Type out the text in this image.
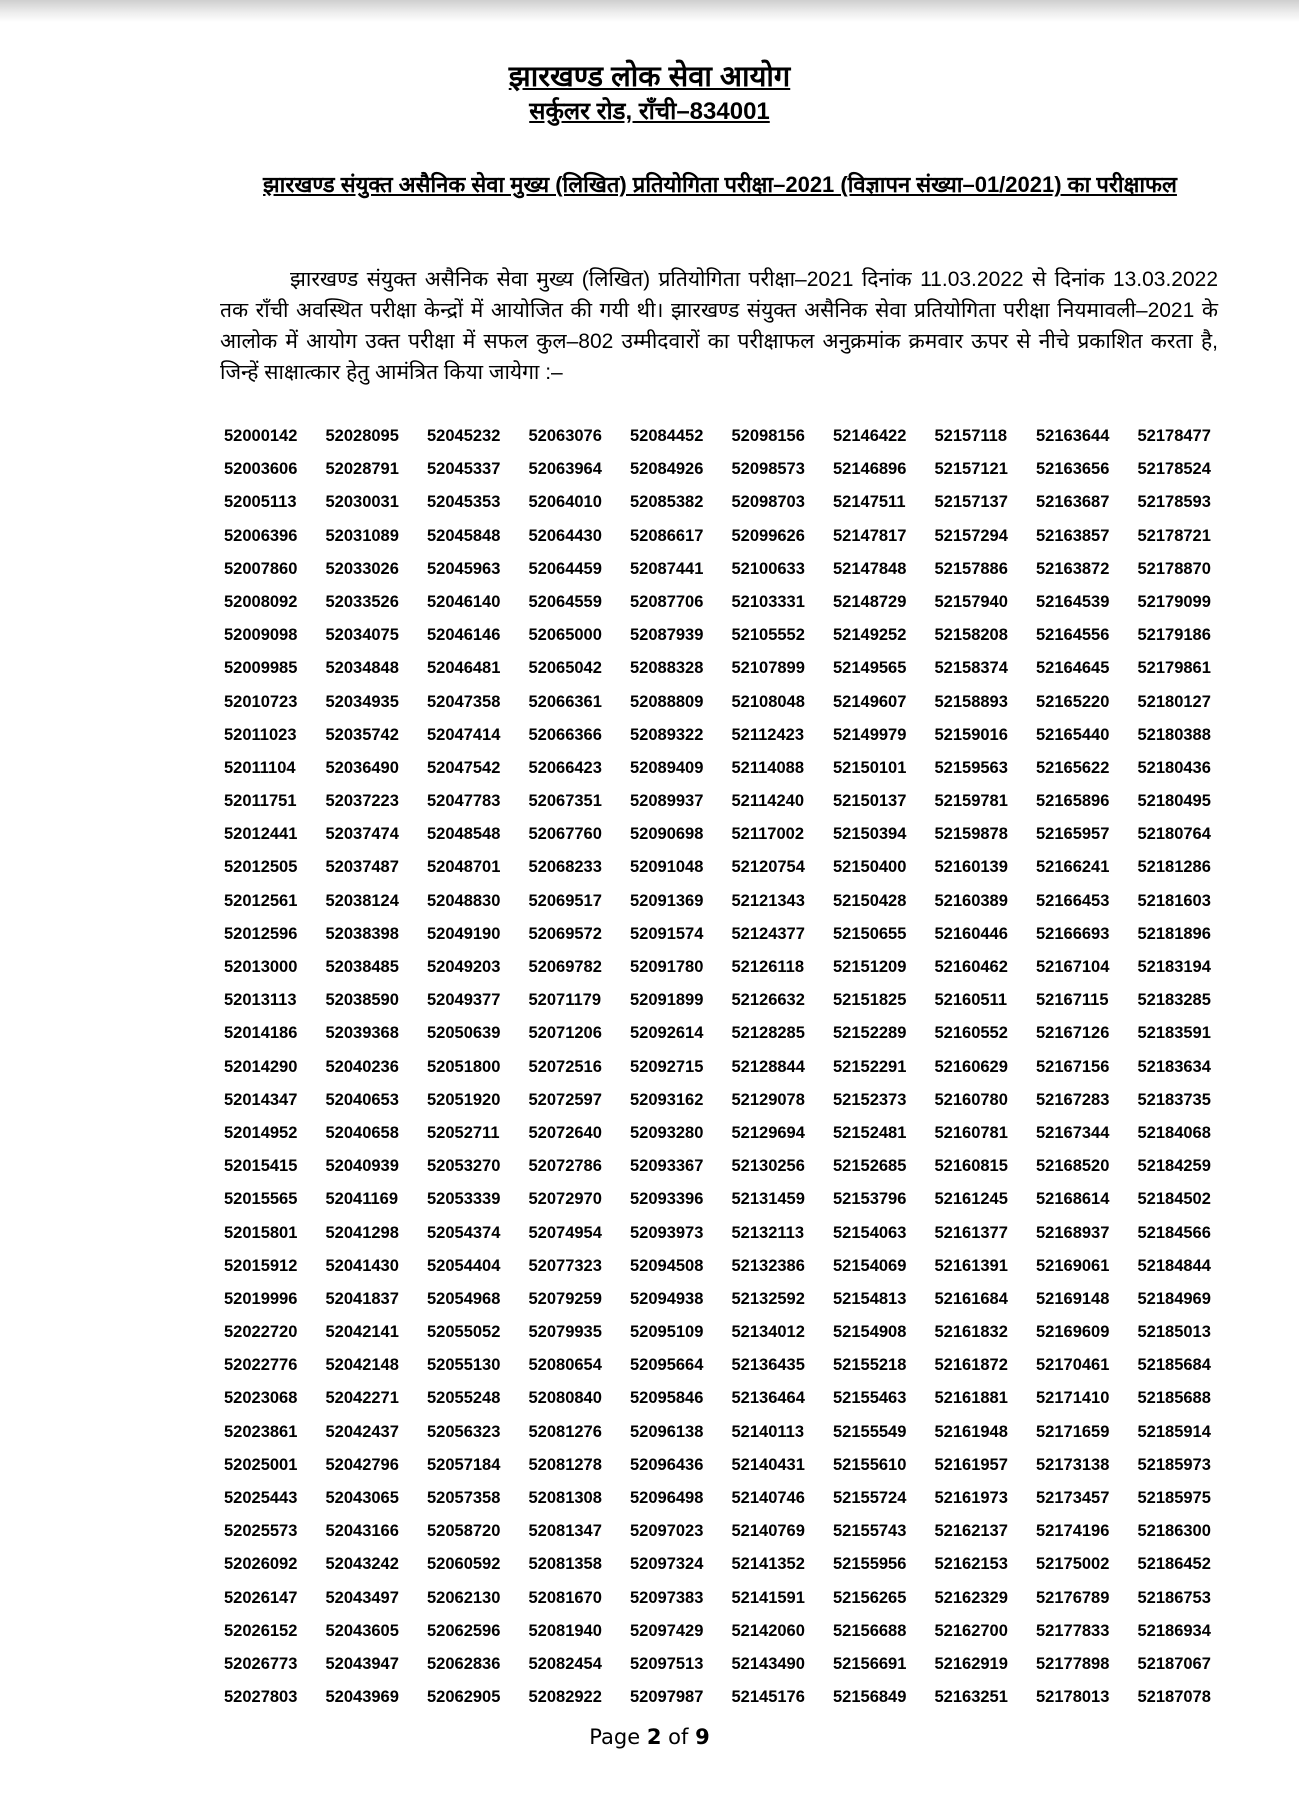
झारखण्ड लोक सेवा आयोग
सर्कुलर रोड, राँची–834001
झारखण्ड संयुक्त असैनिक सेवा मुख्य (लिखित) प्रतियोगिता परीक्षा–2021 (विज्ञापन संख्या–01/2021) का परीक्षाफल
झारखण्ड संयुक्त असैनिक सेवा मुख्य (लिखित) प्रतियोगिता परीक्षा–2021 दिनांक 11.03.2022 से दिनांक 13.03.2022 तक राँची अवस्थित परीक्षा केन्द्रों में आयोजित की गयी थी। झारखण्ड संयुक्त असैनिक सेवा प्रतियोगिता परीक्षा नियमावली–2021 के आलोक में आयोग उक्त परीक्षा में सफल कुल–802 उम्मीदवारों का परीक्षाफल अनुक्रमांक क्रमवार ऊपर से नीचे प्रकाशित करता है, जिन्हें साक्षात्कार हेतु आमंत्रित किया जायेगा :–
52000142	52028095	52045232	52063076	52084452	52098156	52146422	52157118	52163644	52178477
52003606	52028791	52045337	52063964	52084926	52098573	52146896	52157121	52163656	52178524
52005113	52030031	52045353	52064010	52085382	52098703	52147511	52157137	52163687	52178593
52006396	52031089	52045848	52064430	52086617	52099626	52147817	52157294	52163857	52178721
52007860	52033026	52045963	52064459	52087441	52100633	52147848	52157886	52163872	52178870
52008092	52033526	52046140	52064559	52087706	52103331	52148729	52157940	52164539	52179099
52009098	52034075	52046146	52065000	52087939	52105552	52149252	52158208	52164556	52179186
52009985	52034848	52046481	52065042	52088328	52107899	52149565	52158374	52164645	52179861
52010723	52034935	52047358	52066361	52088809	52108048	52149607	52158893	52165220	52180127
52011023	52035742	52047414	52066366	52089322	52112423	52149979	52159016	52165440	52180388
52011104	52036490	52047542	52066423	52089409	52114088	52150101	52159563	52165622	52180436
52011751	52037223	52047783	52067351	52089937	52114240	52150137	52159781	52165896	52180495
52012441	52037474	52048548	52067760	52090698	52117002	52150394	52159878	52165957	52180764
52012505	52037487	52048701	52068233	52091048	52120754	52150400	52160139	52166241	52181286
52012561	52038124	52048830	52069517	52091369	52121343	52150428	52160389	52166453	52181603
52012596	52038398	52049190	52069572	52091574	52124377	52150655	52160446	52166693	52181896
52013000	52038485	52049203	52069782	52091780	52126118	52151209	52160462	52167104	52183194
52013113	52038590	52049377	52071179	52091899	52126632	52151825	52160511	52167115	52183285
52014186	52039368	52050639	52071206	52092614	52128285	52152289	52160552	52167126	52183591
52014290	52040236	52051800	52072516	52092715	52128844	52152291	52160629	52167156	52183634
52014347	52040653	52051920	52072597	52093162	52129078	52152373	52160780	52167283	52183735
52014952	52040658	52052711	52072640	52093280	52129694	52152481	52160781	52167344	52184068
52015415	52040939	52053270	52072786	52093367	52130256	52152685	52160815	52168520	52184259
52015565	52041169	52053339	52072970	52093396	52131459	52153796	52161245	52168614	52184502
52015801	52041298	52054374	52074954	52093973	52132113	52154063	52161377	52168937	52184566
52015912	52041430	52054404	52077323	52094508	52132386	52154069	52161391	52169061	52184844
52019996	52041837	52054968	52079259	52094938	52132592	52154813	52161684	52169148	52184969
52022720	52042141	52055052	52079935	52095109	52134012	52154908	52161832	52169609	52185013
52022776	52042148	52055130	52080654	52095664	52136435	52155218	52161872	52170461	52185684
52023068	52042271	52055248	52080840	52095846	52136464	52155463	52161881	52171410	52185688
52023861	52042437	52056323	52081276	52096138	52140113	52155549	52161948	52171659	52185914
52025001	52042796	52057184	52081278	52096436	52140431	52155610	52161957	52173138	52185973
52025443	52043065	52057358	52081308	52096498	52140746	52155724	52161973	52173457	52185975
52025573	52043166	52058720	52081347	52097023	52140769	52155743	52162137	52174196	52186300
52026092	52043242	52060592	52081358	52097324	52141352	52155956	52162153	52175002	52186452
52026147	52043497	52062130	52081670	52097383	52141591	52156265	52162329	52176789	52186753
52026152	52043605	52062596	52081940	52097429	52142060	52156688	52162700	52177833	52186934
52026773	52043947	52062836	52082454	52097513	52143490	52156691	52162919	52177898	52187067
52027803	52043969	52062905	52082922	52097987	52145176	52156849	52163251	52178013	52187078
Page 2 of 9
